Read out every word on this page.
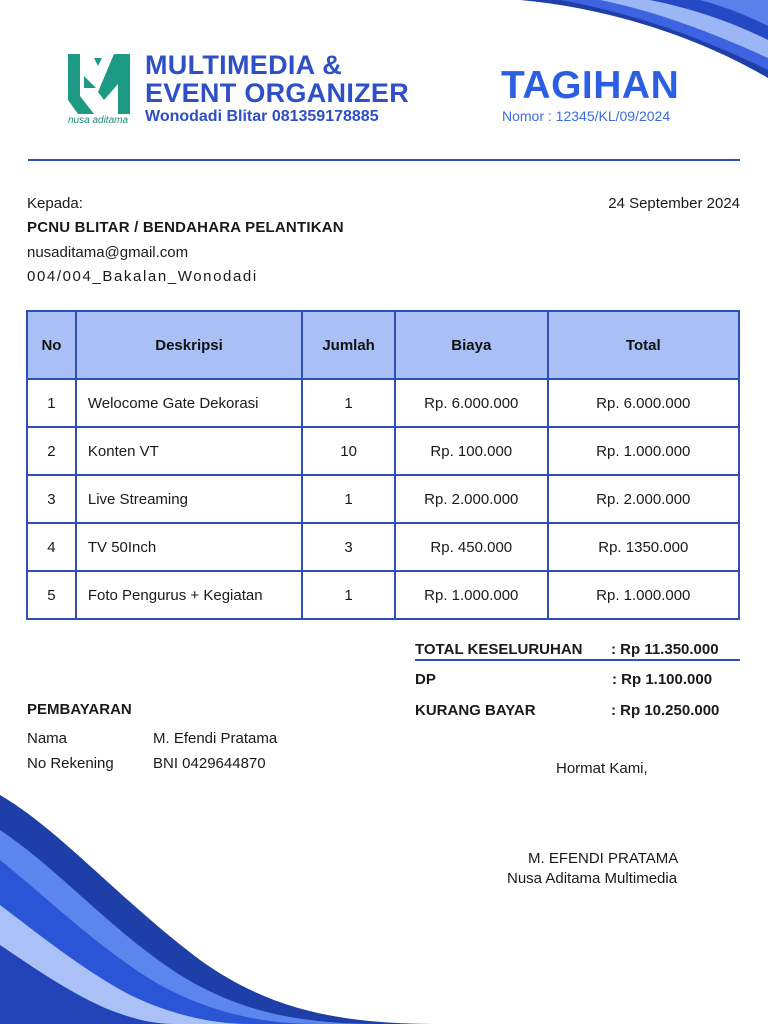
nusa aditama
MULTIMEDIA &
EVENT ORGANIZER
Wonodadi Blitar 081359178885
TAGIHAN
Nomor : 12345/KL/09/2024
Kepada:	24 September 2024
PCNU BLITAR / BENDAHARA PELANTIKAN
nusaditama@gmail.com
004/004_Bakalan_Wonodadi
No	Deskripsi	Jumlah	Biaya	Total
1	Welocome Gate Dekorasi	1	Rp. 6.000.000	Rp. 6.000.000
2	Konten VT	10	Rp. 100.000	Rp. 1.000.000
3	Live Streaming	1	Rp. 2.000.000	Rp. 2.000.000
4	TV 50Inch	3	Rp. 450.000	Rp. 1350.000
5	Foto Pengurus + Kegiatan	1	Rp. 1.000.000	Rp. 1.000.000
TOTAL KESELURUHAN : Rp 11.350.000
DP	: Rp 1.100.000
KURANG BAYAR	: Rp 10.250.000
PEMBAYARAN
Nama	M. Efendi Pratama
No Rekening	BNI 0429644870	Hormat Kami,
M. EFENDI PRATAMA
Nusa Aditama Multimedia
